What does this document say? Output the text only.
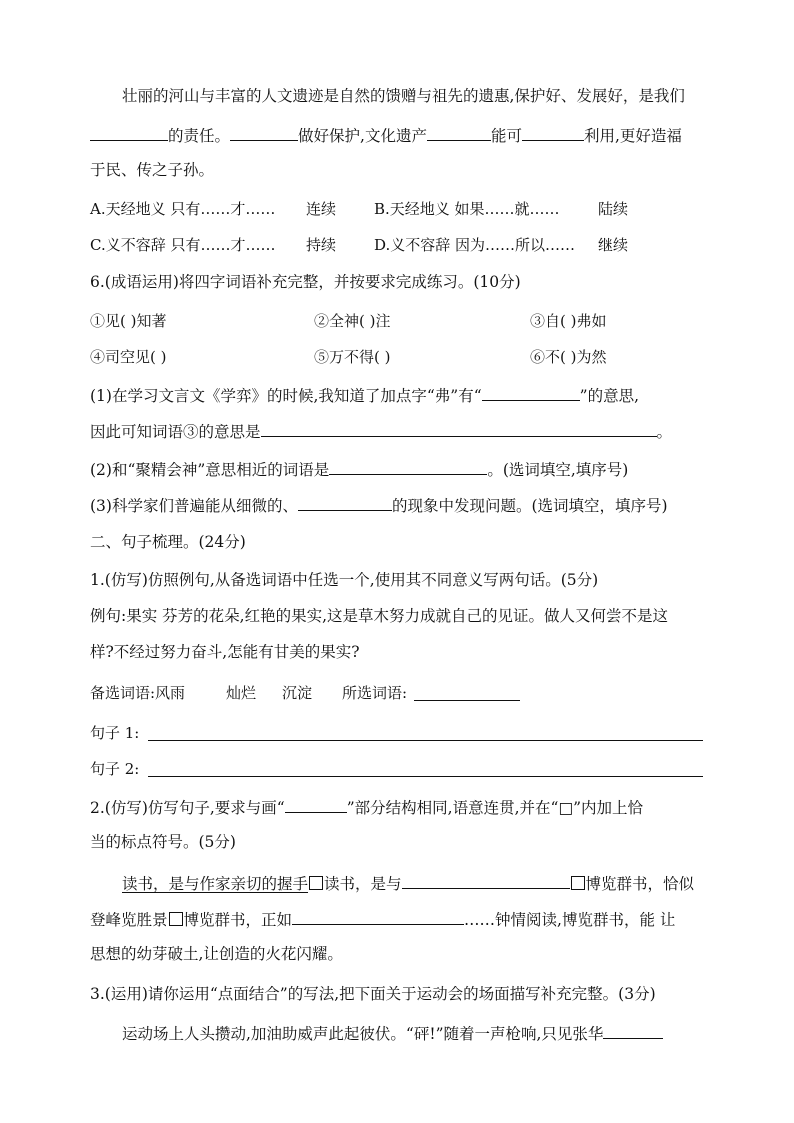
壮丽的河山与丰富的人文遗迹是自然的馈赠与祖先的遗惠,保护好、发展好，是我们
的责任。	做好保护,文化遗产	能可	利用,更好造福
于民、传之子孙。
A.天经地义 只有……才…… 连续	B.天经地义 如果……就……	陆续
C.义不容辞 只有……才…… 持续	D.义不容辞 因为……所以…… 继续
6.(成语运用)将四字词语补充完整，并按要求完成练习。(10分)
①见( )知著	②全神( )注	③自( )弗如
④司空见( )	⑤万不得( )	⑥不( )为然
(1)在学习文言文《学弈》的时候,我知道了加点字“弗”有“	”的意思,
因此可知词语③的意思是	。
(2)和“聚精会神”意思相近的词语是	。(选词填空,填序号)
(3)科学家们普遍能从细微的、	的现象中发现问题。(选词填空，填序号)
二、句子梳理。(24分)
1.(仿写)仿照例句,从备选词语中任选一个,使用其不同意义写两句话。(5分)
例句:果实 芬芳的花朵,红艳的果实,这是草木努力成就自己的见证。做人又何尝不是这
样?不经过努力奋斗,怎能有甘美的果实?
备选词语:风雨	灿烂 沉淀 所选词语:
句子 1:
句子 2:
2.(仿写)仿写句子,要求与画“	”部分结构相同,语意连贯,并在“□”内加上恰
当的标点符号。(5分)
读书，是与作家亲切的握手 读书，是与	博览群书，恰似
登峰览胜景 博览群书，正如	……钟情阅读,博览群书，能 让
思想的幼芽破土,让创造的火花闪耀。
3.(运用)请你运用“点面结合”的写法,把下面关于运动会的场面描写补充完整。(3分)
运动场上人头攒动,加油助威声此起彼伏。“砰!”随着一声枪响,只见张华
